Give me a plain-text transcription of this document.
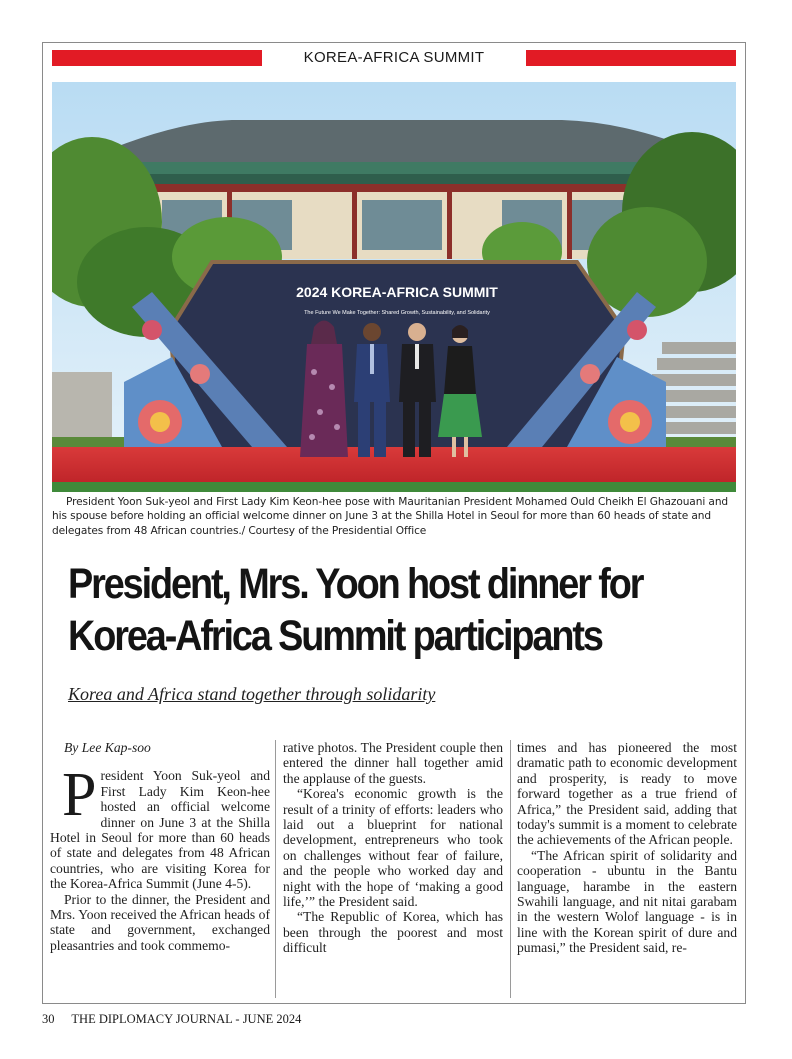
KOREA-AFRICA SUMMIT
2024 KOREA-AFRICA SUMMIT
The Future We Make Together: Shared Growth, Sustainability, and Solidarity
President Yoon Suk-yeol and First Lady Kim Keon-hee pose with Mauritanian President Mohamed Ould Cheikh El Ghazouani and his spouse before holding an official welcome dinner on June 3 at the Shilla Hotel in Seoul for more than 60 heads of state and delegates from 48 African countries./ Courtesy of the Presidential Office
President, Mrs. Yoon host dinner for
Korea-Africa Summit participants
Korea and Africa stand together through solidarity
By Lee Kap-soo

President Yoon Suk-yeol and First Lady Kim Keon-hee hosted an official welcome dinner on June 3 at the Shilla Hotel in Seoul for more than 60 heads of state and delegates from 48 African countries, who are visiting Korea for the Korea-Africa Summit (June 4-5).

Prior to the dinner, the President and Mrs. Yoon received the African heads of state and government, exchanged pleasantries and took commemo-

rative photos. The President couple then entered the dinner hall together amid the applause of the guests.

“Korea's economic growth is the result of a trinity of efforts: leaders who laid out a blueprint for national development, entrepreneurs who took on challenges without fear of failure, and the people who worked day and night with the hope of ‘making a good life,’” the President said.

“The Republic of Korea, which has been through the poorest and most difficult

times and has pioneered the most dramatic path to economic development and prosperity, is ready to move forward together as a true friend of Africa,” the President said, adding that today's summit is a moment to celebrate the achievements of the African people.

“The African spirit of solidarity and cooperation - ubuntu in the Bantu language, harambe in the eastern Swahili language, and nit nitai garabam in the western Wolof language - is in line with the Korean spirit of dure and pumasi,” the President said, re-

30 THE DIPLOMACY JOURNAL - JUNE 2024
